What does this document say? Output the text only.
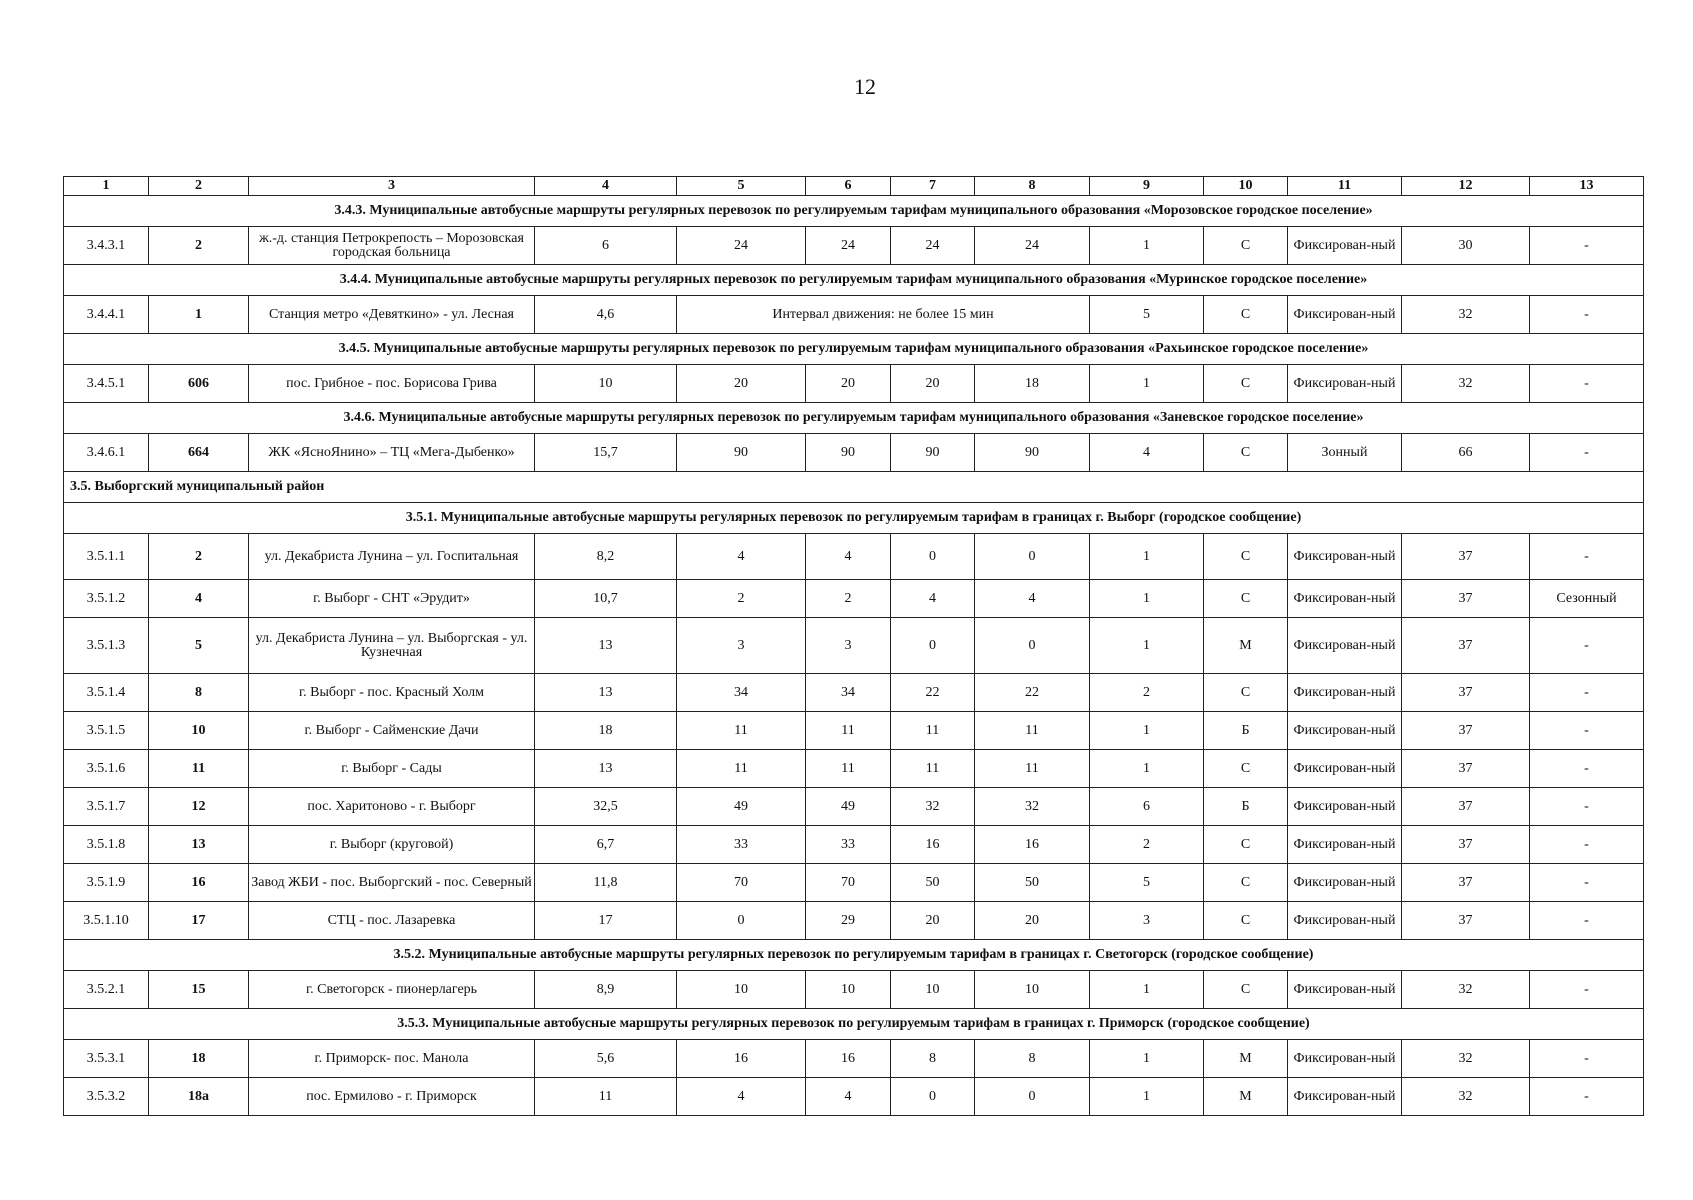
12
1	2	3	4	5	6	7	8	9	10	11	12	13
3.4.3. Муниципальные автобусные маршруты регулярных перевозок по регулируемым тарифам муниципального образования «Морозовское городское поселение»												
3.4.3.1	2	ж.-д. станция Петрокрепость – Морозовская городская больница	6	24	24	24	24	1	С	Фиксирован-ный	30	-
3.4.4. Муниципальные автобусные маршруты регулярных перевозок по регулируемым тарифам муниципального образования «Муринское городское поселение»												
3.4.4.1	1	Станция метро «Девяткино» - ул. Лесная	4,6	Интервал движения: не более 15 мин				5	С	Фиксирован-ный	32	-
3.4.5. Муниципальные автобусные маршруты регулярных перевозок по регулируемым тарифам муниципального образования «Рахьинское городское поселение»												
3.4.5.1	606	пос. Грибное - пос. Борисова Грива	10	20	20	20	18	1	С	Фиксирован-ный	32	-
3.4.6. Муниципальные автобусные маршруты регулярных перевозок по регулируемым тарифам муниципального образования «Заневское городское поселение»												
3.4.6.1	664	ЖК «ЯсноЯнино» – ТЦ «Мега-Дыбенко»	15,7	90	90	90	90	4	С	Зонный	66	-
3.5. Выборгский муниципальный район												
3.5.1. Муниципальные автобусные маршруты регулярных перевозок по регулируемым тарифам в границах г. Выборг (городское сообщение)												
3.5.1.1	2	ул. Декабриста Лунина – ул. Госпитальная	8,2	4	4	0	0	1	С	Фиксирован-ный	37	-
3.5.1.2	4	г. Выборг - СНТ «Эрудит»	10,7	2	2	4	4	1	С	Фиксирован-ный	37	Сезонный
3.5.1.3	5	ул. Декабриста Лунина – ул. Выборгская - ул. Кузнечная	13	3	3	0	0	1	М	Фиксирован-ный	37	-
3.5.1.4	8	г. Выборг - пос. Красный Холм	13	34	34	22	22	2	С	Фиксирован-ный	37	-
3.5.1.5	10	г. Выборг - Сайменские Дачи	18	11	11	11	11	1	Б	Фиксирован-ный	37	-
3.5.1.6	11	г. Выборг - Сады	13	11	11	11	11	1	С	Фиксирован-ный	37	-
3.5.1.7	12	пос. Харитоново - г. Выборг	32,5	49	49	32	32	6	Б	Фиксирован-ный	37	-
3.5.1.8	13	г. Выборг (круговой)	6,7	33	33	16	16	2	С	Фиксирован-ный	37	-
3.5.1.9	16	Завод ЖБИ - пос. Выборгский - пос. Северный	11,8	70	70	50	50	5	С	Фиксирован-ный	37	-
3.5.1.10	17	СТЦ - пос. Лазаревка	17	0	29	20	20	3	С	Фиксирован-ный	37	-
3.5.2. Муниципальные автобусные маршруты регулярных перевозок по регулируемым тарифам в границах г. Светогорск (городское сообщение)												
3.5.2.1	15	г. Светогорск - пионерлагерь	8,9	10	10	10	10	1	С	Фиксирован-ный	32	-
3.5.3. Муниципальные автобусные маршруты регулярных перевозок по регулируемым тарифам в границах г. Приморск (городское сообщение)												
3.5.3.1	18	г. Приморск- пос. Манола	5,6	16	16	8	8	1	М	Фиксирован-ный	32	-
3.5.3.2	18а	пос. Ермилово - г. Приморск	11	4	4	0	0	1	М	Фиксирован-ный	32	-
